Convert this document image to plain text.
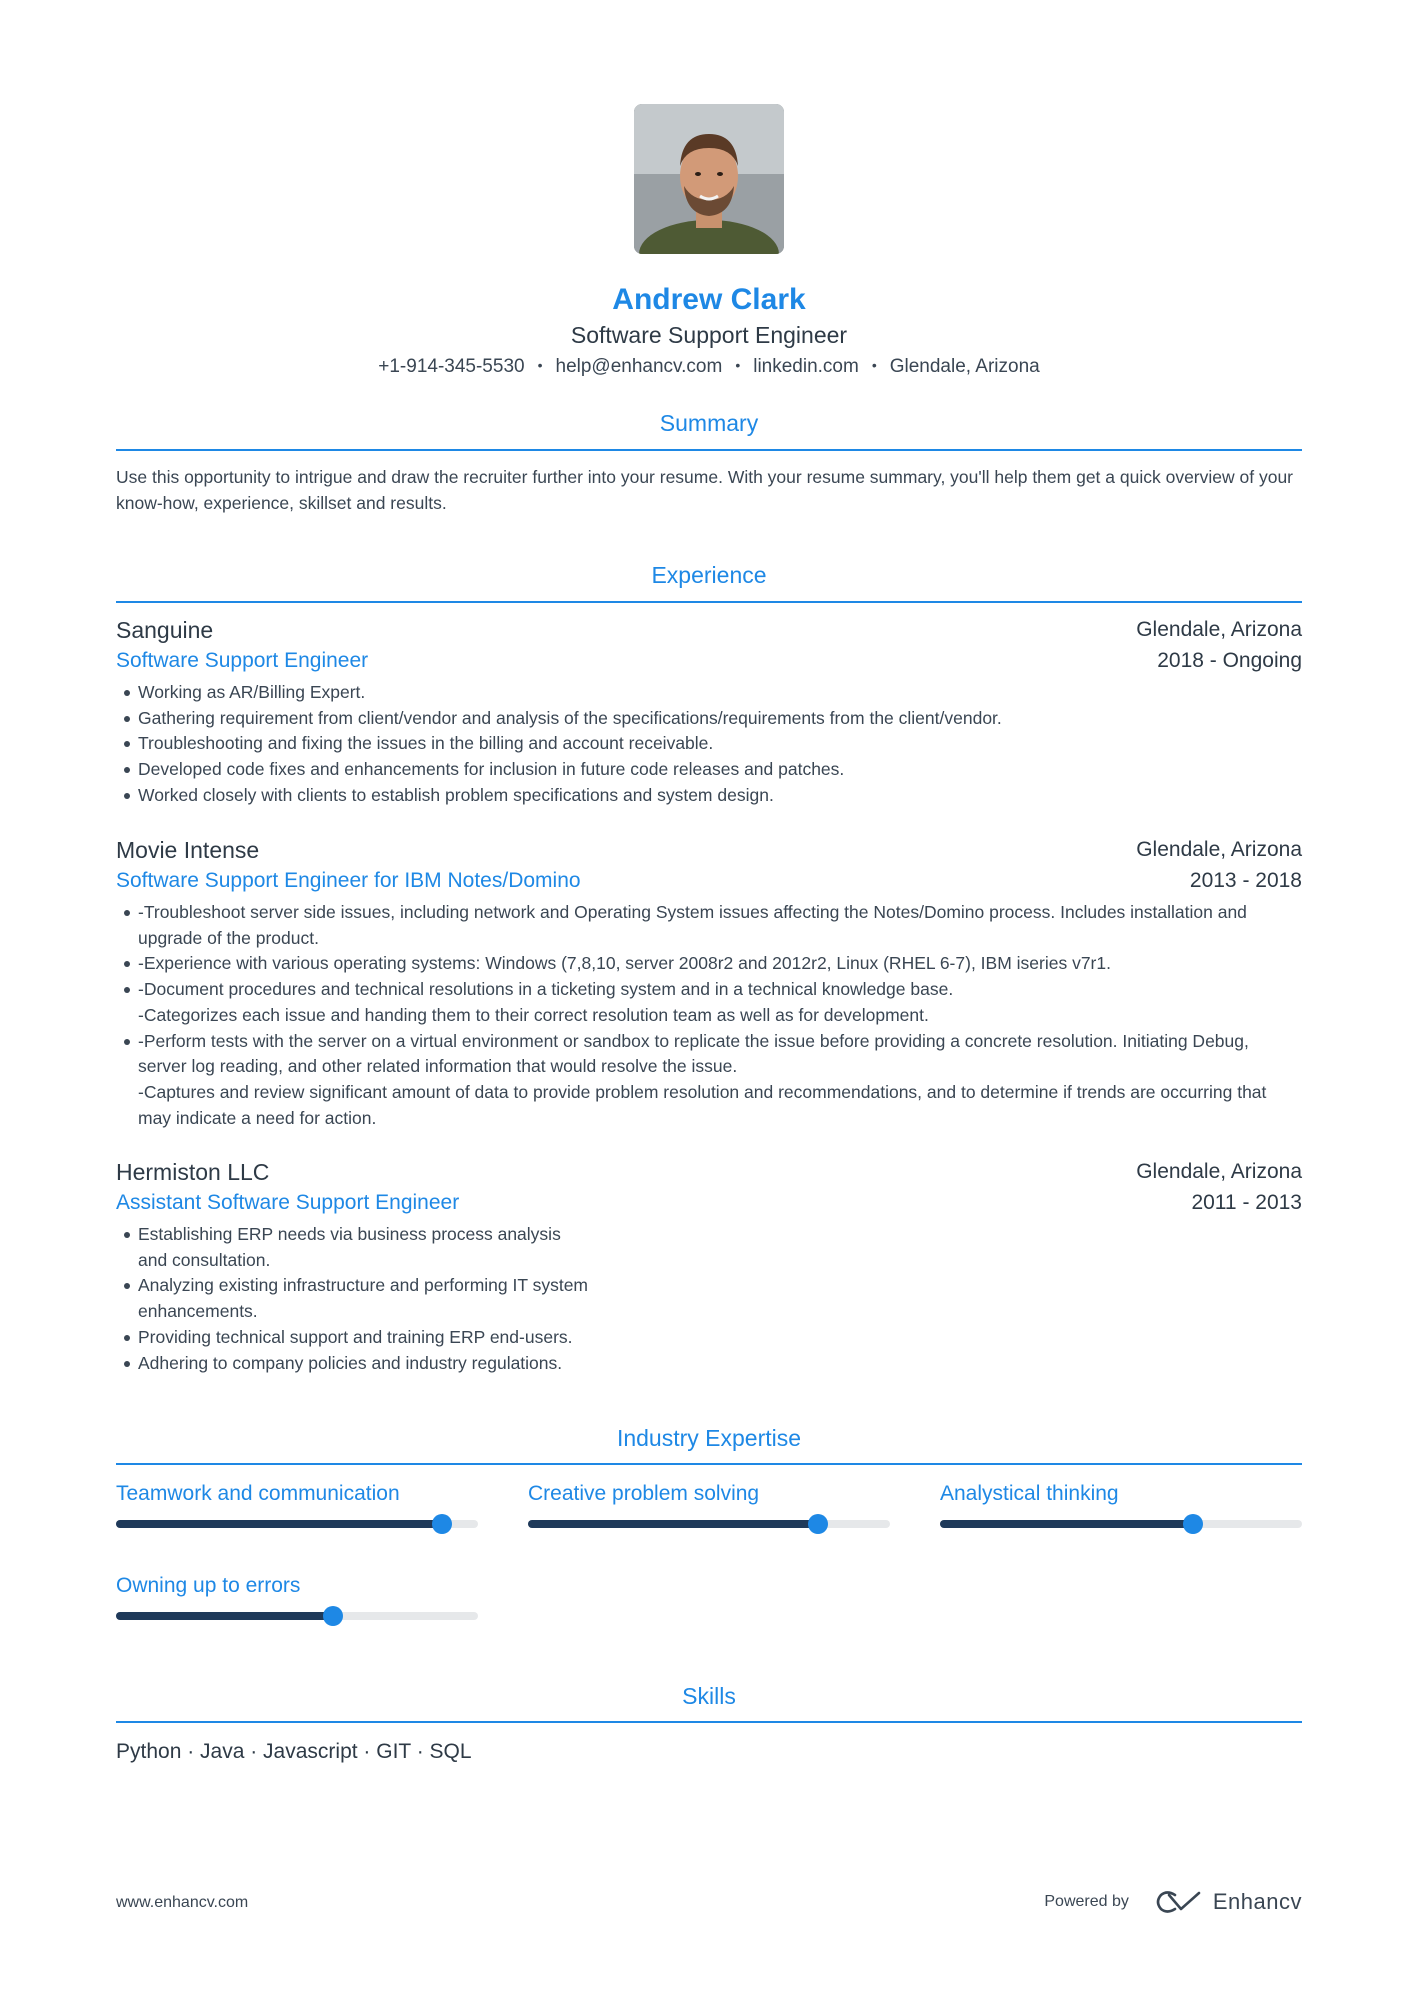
Andrew Clark
Software Support Engineer
+1-914-345-5530 • help@enhancv.com • linkedin.com • Glendale, Arizona
Summary
Use this opportunity to intrigue and draw the recruiter further into your resume. With your resume summary, you'll help them get a quick overview of your know-how, experience, skillset and results.
Experience
Sanguine	Glendale, Arizona
Software Support Engineer	2018 - Ongoing
Working as AR/Billing Expert.
Gathering requirement from client/vendor and analysis of the specifications/requirements from the client/vendor.
Troubleshooting and fixing the issues in the billing and account receivable.
Developed code fixes and enhancements for inclusion in future code releases and patches.
Worked closely with clients to establish problem specifications and system design.
Movie Intense	Glendale, Arizona
Software Support Engineer for IBM Notes/Domino	2013 - 2018
-Troubleshoot server side issues, including network and Operating System issues affecting the Notes/Domino process. Includes installation and upgrade of the product.
-Experience with various operating systems: Windows (7,8,10, server 2008r2 and 2012r2, Linux (RHEL 6-7), IBM iseries v7r1.
-Document procedures and technical resolutions in a ticketing system and in a technical knowledge base.
-Categorizes each issue and handing them to their correct resolution team as well as for development.
-Perform tests with the server on a virtual environment or sandbox to replicate the issue before providing a concrete resolution. Initiating Debug, server log reading, and other related information that would resolve the issue.
-Captures and review significant amount of data to provide problem resolution and recommendations, and to determine if trends are occurring that may indicate a need for action.
Hermiston LLC	Glendale, Arizona
Assistant Software Support Engineer	2011 - 2013
Establishing ERP needs via business process analysis
and consultation.
Analyzing existing infrastructure and performing IT system
enhancements.
Providing technical support and training ERP end-users.
Adhering to company policies and industry regulations.
Industry Expertise
Teamwork and communication	Creative problem solving	Analystical thinking
Owning up to errors
Skills
Python · Java · Javascript · GIT · SQL
www.enhancv.com	Powered by	Enhancv
